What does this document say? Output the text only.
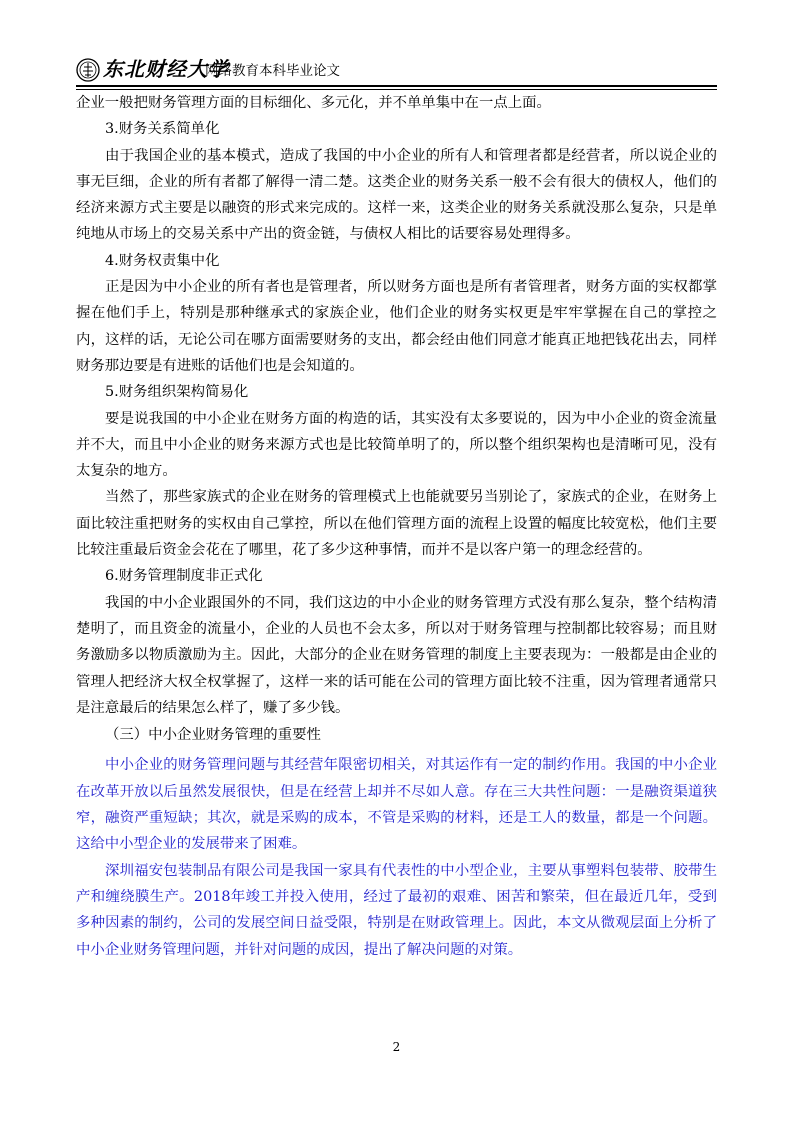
东北财经大学
网络教育本科毕业论文

企业一般把财务管理方面的目标细化、多元化，并不单单集中在一点上面。

3.财务关系简单化

由于我国企业的基本模式，造成了我国的中小企业的所有人和管理者都是经营者，所以说企业的事无巨细，企业的所有者都了解得一清二楚。这类企业的财务关系一般不会有很大的债权人，他们的经济来源方式主要是以融资的形式来完成的。这样一来，这类企业的财务关系就没那么复杂，只是单纯地从市场上的交易关系中产出的资金链，与债权人相比的话要容易处理得多。

4.财务权责集中化

正是因为中小企业的所有者也是管理者，所以财务方面也是所有者管理者，财务方面的实权都掌握在他们手上，特别是那种继承式的家族企业，他们企业的财务实权更是牢牢掌握在自己的掌控之内，这样的话，无论公司在哪方面需要财务的支出，都会经由他们同意才能真正地把钱花出去，同样财务那边要是有进账的话他们也是会知道的。

5.财务组织架构简易化

要是说我国的中小企业在财务方面的构造的话，其实没有太多要说的，因为中小企业的资金流量并不大，而且中小企业的财务来源方式也是比较简单明了的，所以整个组织架构也是清晰可见，没有太复杂的地方。

当然了，那些家族式的企业在财务的管理模式上也能就要另当别论了，家族式的企业，在财务上面比较注重把财务的实权由自己掌控，所以在他们管理方面的流程上设置的幅度比较宽松，他们主要比较注重最后资金会花在了哪里，花了多少这种事情，而并不是以客户第一的理念经营的。

6.财务管理制度非正式化

我国的中小企业跟国外的不同，我们这边的中小企业的财务管理方式没有那么复杂，整个结构清楚明了，而且资金的流量小，企业的人员也不会太多，所以对于财务管理与控制都比较容易；而且财务激励多以物质激励为主。因此，大部分的企业在财务管理的制度上主要表现为：一般都是由企业的管理人把经济大权全权掌握了，这样一来的话可能在公司的管理方面比较不注重，因为管理者通常只是注意最后的结果怎么样了，赚了多少钱。

（三）中小企业财务管理的重要性

中小企业的财务管理问题与其经营年限密切相关，对其运作有一定的制约作用。我国的中小企业在改革开放以后虽然发展很快，但是在经营上却并不尽如人意。存在三大共性问题：一是融资渠道狭窄，融资严重短缺；其次，就是采购的成本，不管是采购的材料，还是工人的数量，都是一个问题。这给中小型企业的发展带来了困难。

深圳福安包装制品有限公司是我国一家具有代表性的中小型企业，主要从事塑料包装带、胶带生产和缠绕膜生产。2018年竣工并投入使用，经过了最初的艰难、困苦和繁荣，但在最近几年，受到多种因素的制约，公司的发展空间日益受限，特别是在财政管理上。因此，本文从微观层面上分析了中小企业财务管理问题，并针对问题的成因，提出了解决问题的对策。

2
